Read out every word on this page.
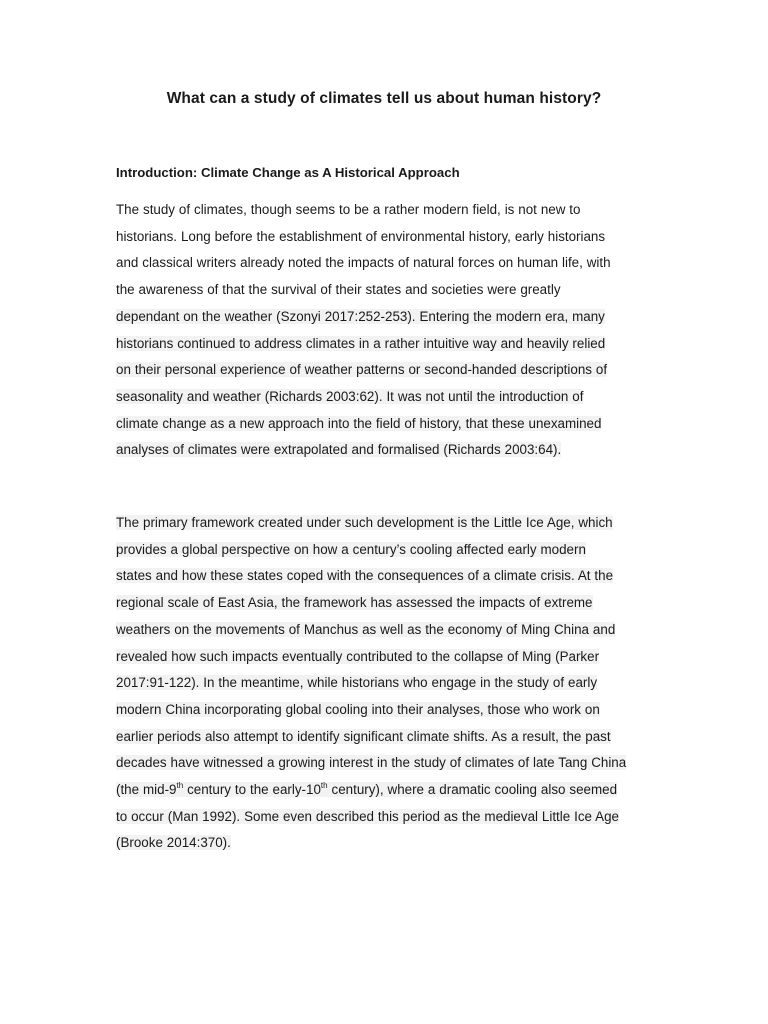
What can a study of climates tell us about human history?
Introduction: Climate Change as A Historical Approach
The study of climates, though seems to be a rather modern field, is not new to
historians. Long before the establishment of environmental history, early historians
and classical writers already noted the impacts of natural forces on human life, with
the awareness of that the survival of their states and societies were greatly
dependant on the weather (Szonyi 2017:252-253). Entering the modern era, many
historians continued to address climates in a rather intuitive way and heavily relied
on their personal experience of weather patterns or second-handed descriptions of
seasonality and weather (Richards 2003:62). It was not until the introduction of
climate change as a new approach into the field of history, that these unexamined
analyses of climates were extrapolated and formalised (Richards 2003:64).
The primary framework created under such development is the Little Ice Age, which
provides a global perspective on how a century’s cooling affected early modern
states and how these states coped with the consequences of a climate crisis. At the
regional scale of East Asia, the framework has assessed the impacts of extreme
weathers on the movements of Manchus as well as the economy of Ming China and
revealed how such impacts eventually contributed to the collapse of Ming (Parker
2017:91-122). In the meantime, while historians who engage in the study of early
modern China incorporating global cooling into their analyses, those who work on
earlier periods also attempt to identify significant climate shifts. As a result, the past
decades have witnessed a growing interest in the study of climates of late Tang China
(the mid-9th century to the early-10th century), where a dramatic cooling also seemed
to occur (Man 1992). Some even described this period as the medieval Little Ice Age
(Brooke 2014:370).
